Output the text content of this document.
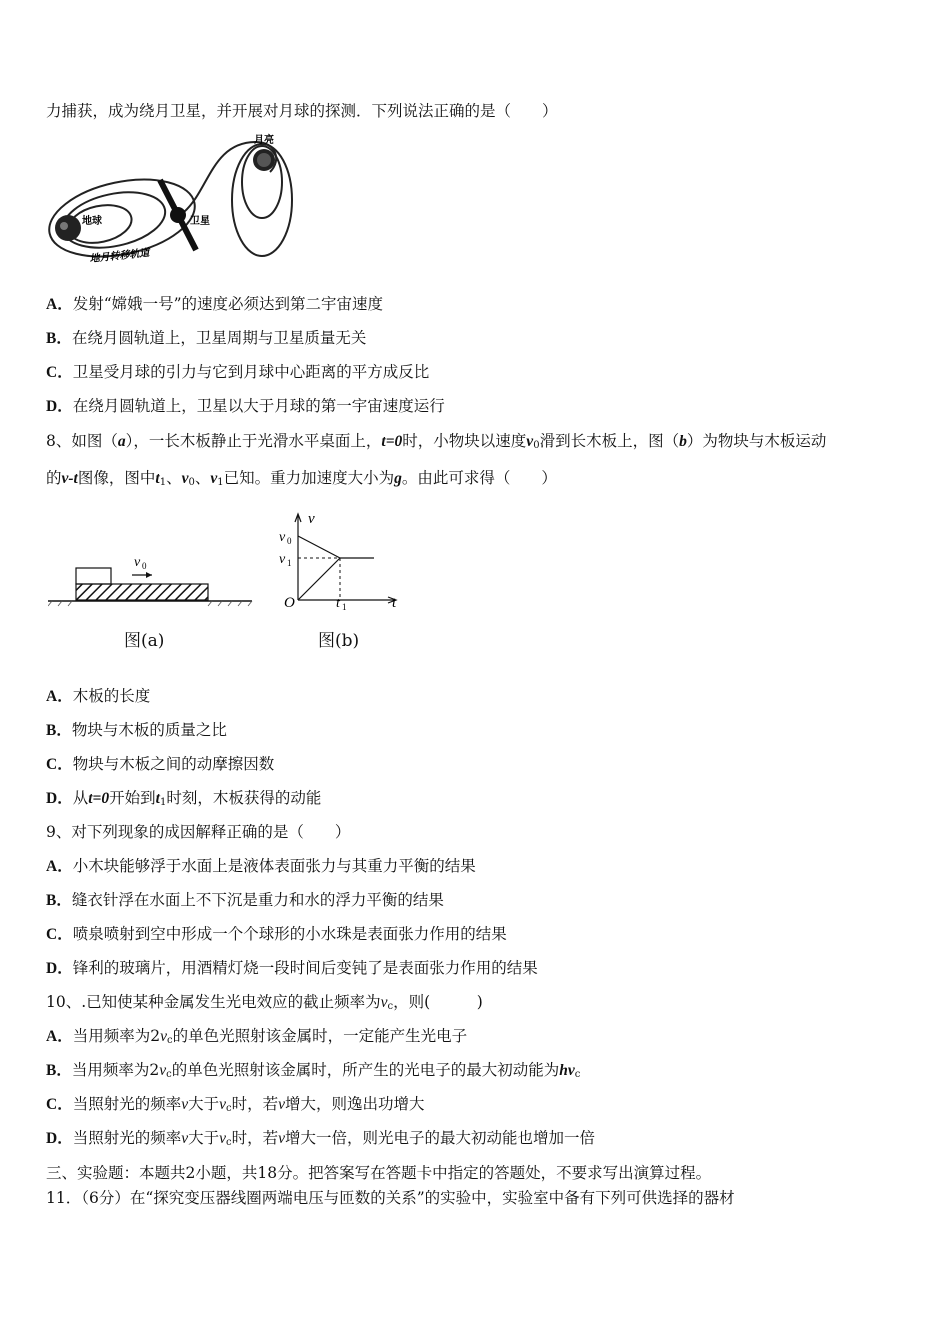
力捕获，成为绕月卫星，并开展对月球的探测．下列说法正确的是（　　）
月亮
地球	卫星
地月转移轨道
A．发射“嫦娥一号”的速度必须达到第二宇宙速度
B．在绕月圆轨道上，卫星周期与卫星质量无关
C．卫星受月球的引力与它到月球中心距离的平方成反比
D．在绕月圆轨道上，卫星以大于月球的第一宇宙速度运行
8、如图（a），一长木板静止于光滑水平桌面上，t=0时，小物块以速度$v_0$滑到长木板上，图（b）为物块与木板运动
的v-t图像，图中$t_1$、$v_0$、$v_1$已知。重力加速度大小为g。由此可求得（　　）
v 0
图(a)
v
t
O
v 0
v 1
t 1
图(b)
A．木板的长度
B．物块与木板的质量之比
C．物块与木板之间的动摩擦因数
D．从t=0开始到$t_1$时刻，木板获得的动能
9、对下列现象的成因解释正确的是（　　）
A．小木块能够浮于水面上是液体表面张力与其重力平衡的结果
B．缝衣针浮在水面上不下沉是重力和水的浮力平衡的结果
C．喷泉喷射到空中形成一个个球形的小水珠是表面张力作用的结果
D．锋利的玻璃片，用酒精灯烧一段时间后变钝了是表面张力作用的结果
10、.已知使某种金属发生光电效应的截止频率为$v_c$，则(　　　)
A．当用频率为$2v_c$的单色光照射该金属时，一定能产生光电子
B．当用频率为$2v_c$的单色光照射该金属时，所产生的光电子的最大初动能为$hv_c$
C．当照射光的频率ν大于$v_c$时，若ν增大，则逸出功增大
D．当照射光的频率ν大于$v_c$时，若ν增大一倍，则光电子的最大初动能也增加一倍
三、实验题：本题共2小题，共18分。把答案写在答题卡中指定的答题处，不要求写出演算过程。
11．（6分）在“探究变压器线圈两端电压与匝数的关系”的实验中，实验室中备有下列可供选择的器材
